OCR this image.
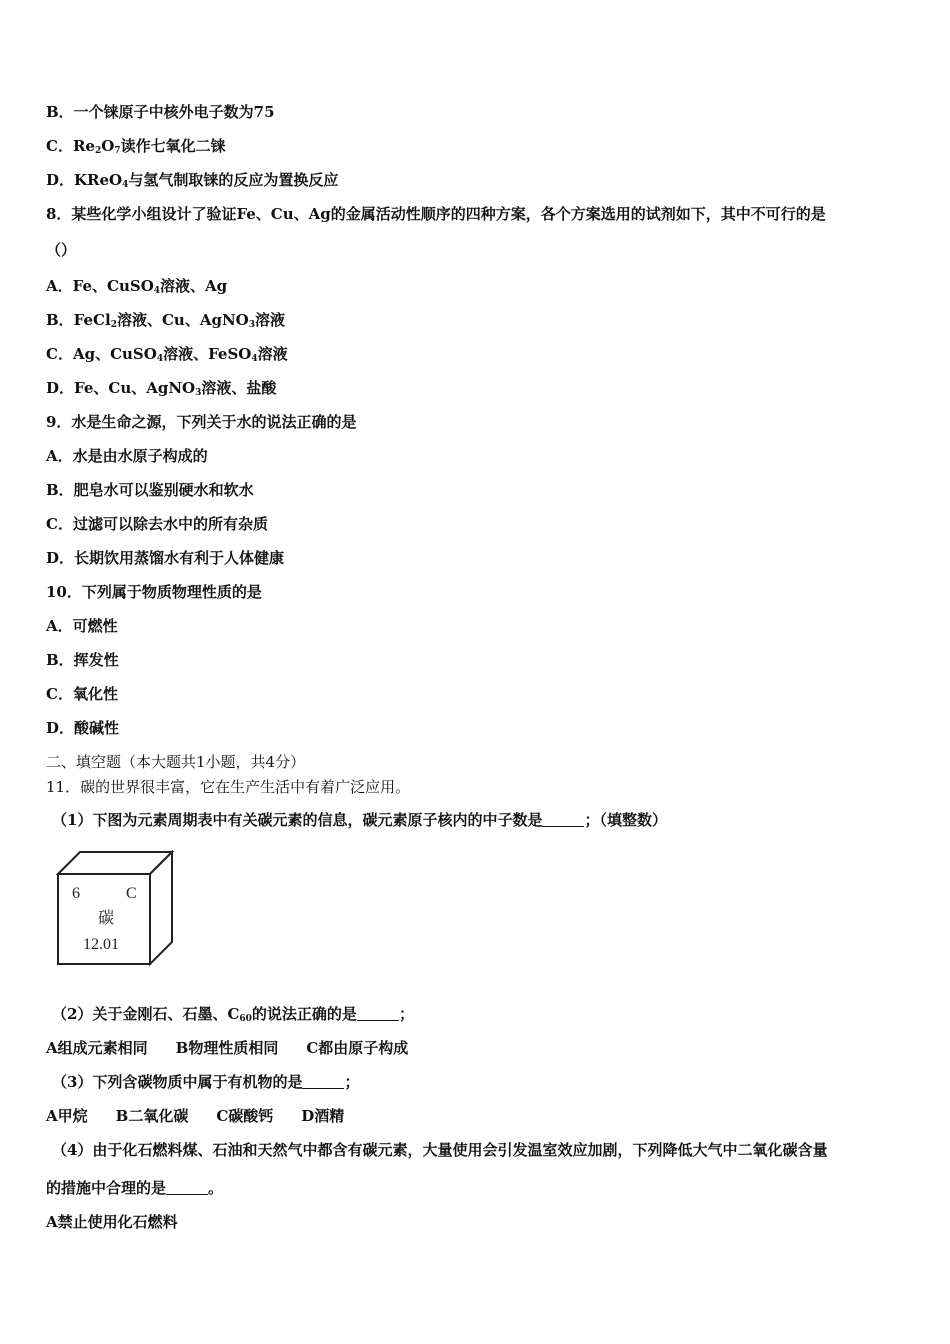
B．一个铼原子中核外电子数为75
C．$Re_2O_7$读作七氧化二铼
D．KReO$_4$与氢气制取铼的反应为置换反应
8．某些化学小组设计了验证Fe、Cu、Ag的金属活动性顺序的四种方案，各个方案选用的试剂如下，其中不可行的是
（）
A．Fe、CuSO$_4$溶液、Ag
B．FeCl$_2$溶液、Cu、AgNO$_3$溶液
C．Ag、CuSO$_4$溶液、FeSO$_4$溶液
D．Fe、Cu、AgNO$_3$溶液、盐酸
9．水是生命之源，下列关于水的说法正确的是
A．水是由水原子构成的
B．肥皂水可以鉴别硬水和软水
C．过滤可以除去水中的所有杂质
D．长期饮用蒸馏水有利于人体健康
10．下列属于物质物理性质的是
A．可燃性
B．挥发性
C．氧化性
D．酸碱性
二、填空题（本大题共1小题，共4分）
11．碳的世界很丰富，它在生产生活中有着广泛应用。
（1）下图为元素周期表中有关碳元素的信息，碳元素原子核内的中子数是	；（填整数）
6	C
碳
12.01
（2）关于金刚石、石墨、$C_{60}$的说法正确的是	；
A组成元素相同 B物理性质相同 C都由原子构成
（3）下列含碳物质中属于有机物的是	；
A甲烷 B二氧化碳 C碳酸钙 D酒精
（4）由于化石燃料煤、石油和天然气中都含有碳元素，大量使用会引发温室效应加剧，下列降低大气中二氧化碳含量
的措施中合理的是	。
A禁止使用化石燃料
